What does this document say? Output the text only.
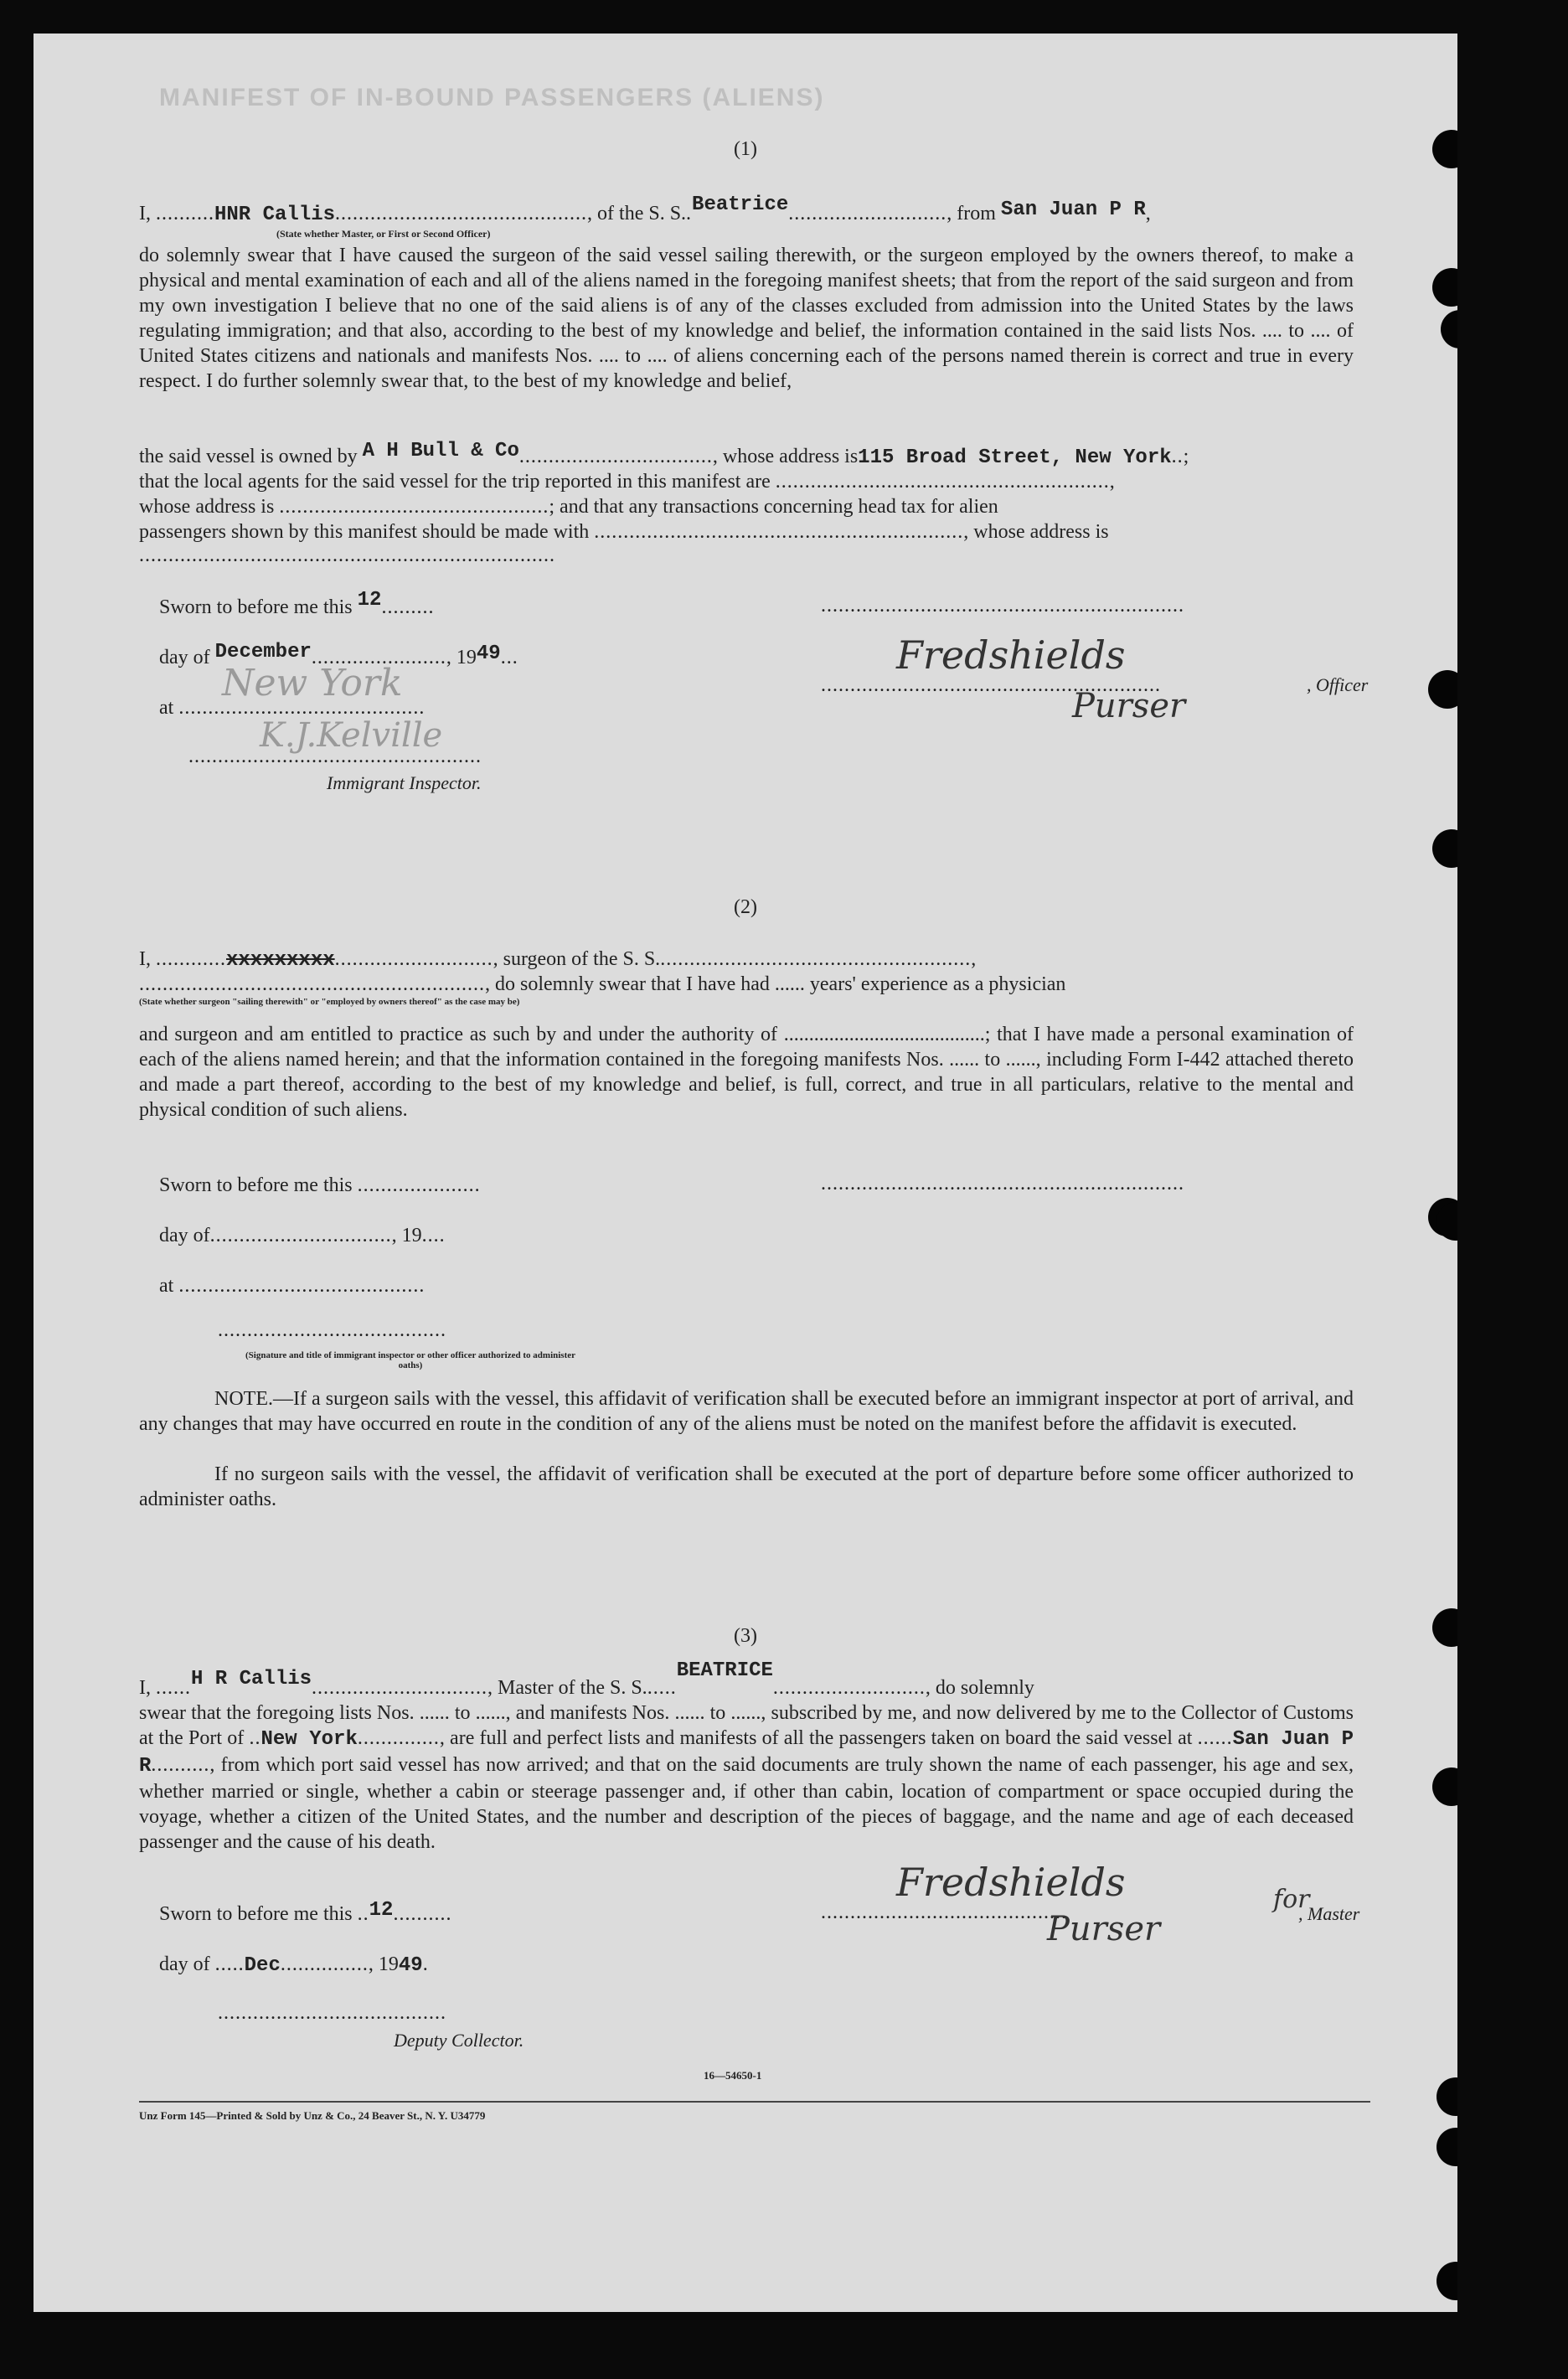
MANIFEST OF IN-BOUND PASSENGERS (ALIENS)
(1)
I, ..........HNR Callis..........................................., of the S. S..Beatrice..........................., from San Juan P R,
(State whether Master, or First or Second Officer)
do solemnly swear that I have caused the surgeon of the said vessel sailing therewith, or the surgeon employed by the owners thereof, to make a physical and mental examination of each and all of the aliens named in the foregoing manifest sheets; that from the report of the said surgeon and from my own investigation I believe that no one of the said aliens is of any of the classes excluded from admission into the United States by the laws regulating immigration; and that also, according to the best of my knowledge and belief, the information contained in the said lists Nos. .... to .... of United States citizens and nationals and manifests Nos. .... to .... of aliens concerning each of the persons named therein is correct and true in every respect. I do further solemnly swear that, to the best of my knowledge and belief,
the said vessel is owned by A H Bull & Co................................., whose address is115 Broad Street, New York..;
that the local agents for the said vessel for the trip reported in this manifest are .........................................................,
whose address is ..............................................; and that any transactions concerning head tax for alien
passengers shown by this manifest should be made with ..............................................................., whose address is
.......................................................................
Sworn to before me this 12.........	..............................................................
day of December......................., 1949...
at ..........................................
New York
..................................................
K.J.Kelville
Immigrant Inspector.
..........................................................
Fredshields
Purser
, Officer
(2)
I, ............xxxxxxxxx..........................., surgeon of the S. S......................................................,
..........................................................., do solemnly swear that I have had ...... years' experience as a physician
(State whether surgeon "sailing therewith" or "employed by owners thereof" as the case may be)
and surgeon and am entitled to practice as such by and under the authority of ........................................; that I have made a personal examination of each of the aliens named herein; and that the information contained in the foregoing manifests Nos. ...... to ......, including Form I-442 attached thereto and made a part thereof, according to the best of my knowledge and belief, is full, correct, and true in all particulars, relative to the mental and physical condition of such aliens.
Sworn to before me this .....................	..............................................................
day of..............................., 19....
at ..........................................
.......................................
(Signature and title of immigrant inspector or other officer authorized to administer oaths)
NOTE.—If a surgeon sails with the vessel, this affidavit of verification shall be executed before an immigrant inspector at port of arrival, and any changes that may have occurred en route in the condition of any of the aliens must be noted on the manifest before the affidavit is executed.
If no surgeon sails with the vessel, the affidavit of verification shall be executed at the port of departure before some officer authorized to administer oaths.
(3)
I, ......H R Callis.............................., Master of the S. S......BEATRICE.........................., do solemnly
swear that the foregoing lists Nos. ...... to ......, and manifests Nos. ...... to ......, subscribed by me, and now delivered by me to the Collector of Customs at the Port of ..New York.............., are full and perfect lists and manifests of all the passengers taken on board the said vessel at ......San Juan P R.........., from which port said vessel has now arrived; and that on the said documents are truly shown the name of each passenger, his age and sex, whether married or single, whether a cabin or steerage passenger and, if other than cabin, location of compartment or space occupied during the voyage, whether a citizen of the United States, and the number and description of the pieces of baggage, and the name and age of each deceased passenger and the cause of his death.
Sworn to before me this ..12..........	..........................................
Fredshields	for
Purser	, Master
day of .....Dec..............., 1949.
.......................................
Deputy Collector.
16—54650-1
Unz Form 145—Printed & Sold by Unz & Co., 24 Beaver St., N. Y. U34779
